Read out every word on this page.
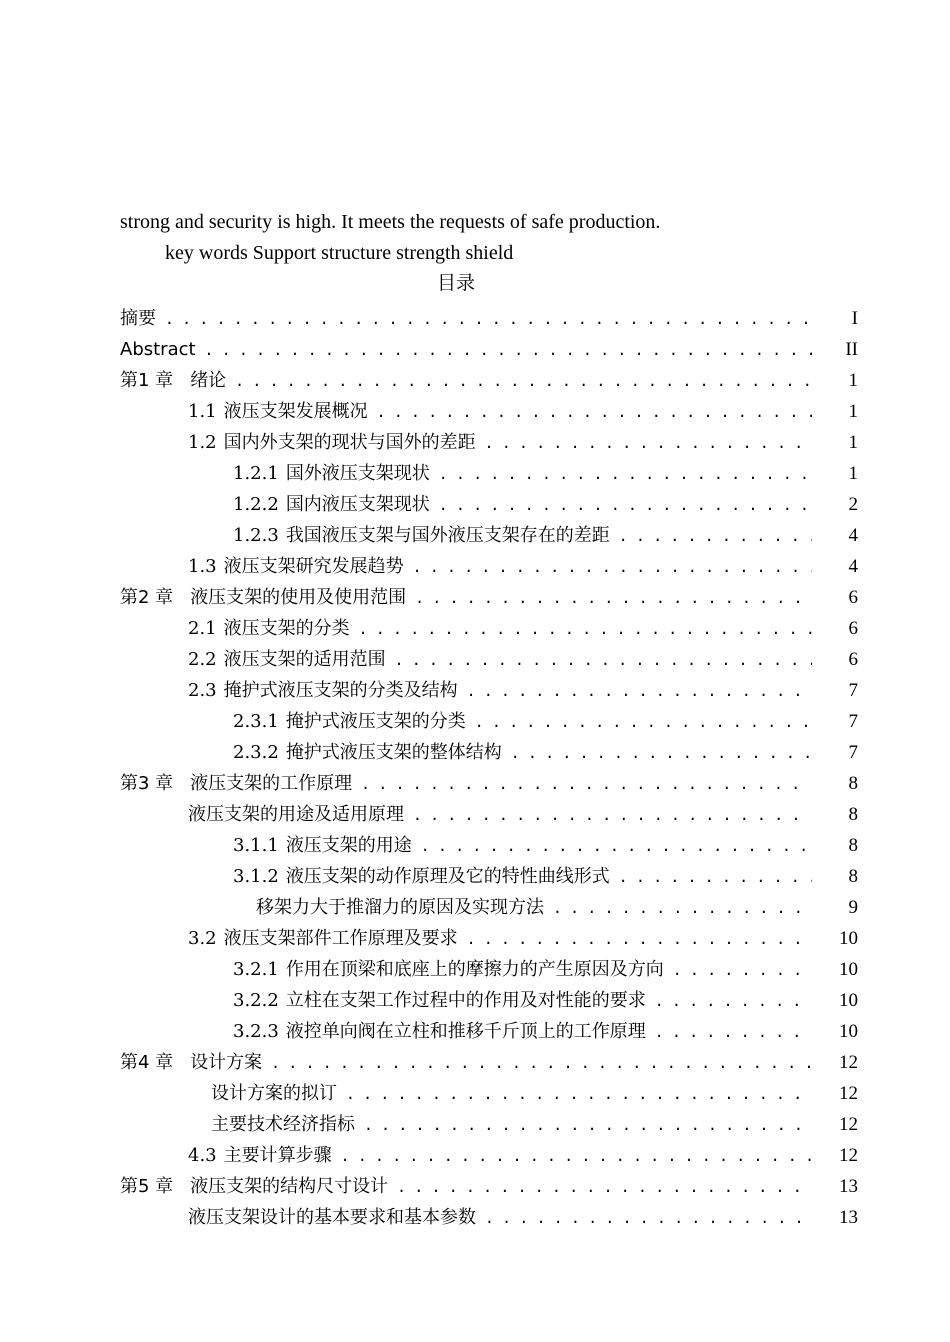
strong and security is high. It meets the requests of safe production.
key words Support structure strength shield
目录
摘要 . . .	I
Abstract . . .	II
第1 章 绪论 . . .	1
1.1 液压支架发展概况 . . .	1
1.2 国内外支架的现状与国外的差距 . . .	1
1.2.1 国外液压支架现状 . . .	1
1.2.2 国内液压支架现状 . . .	2
1.2.3 我国液压支架与国外液压支架存在的差距 . . .	4
1.3 液压支架研究发展趋势 . . .	4
第2 章 液压支架的使用及使用范围 . . .	6
2.1 液压支架的分类 . . .	6
2.2 液压支架的适用范围 . . .	6
2.3 掩护式液压支架的分类及结构 . . .	7
2.3.1 掩护式液压支架的分类 . . .	7
2.3.2 掩护式液压支架的整体结构 . . .	7
第3 章 液压支架的工作原理 . . .	8
液压支架的用途及适用原理 . . .	8
3.1.1 液压支架的用途 . . .	8
3.1.2 液压支架的动作原理及它的特性曲线形式 . . .	8
移架力大于推溜力的原因及实现方法 . . .	9
3.2 液压支架部件工作原理及要求 . . .	10
3.2.1 作用在顶梁和底座上的摩擦力的产生原因及方向 . . .	10
3.2.2 立柱在支架工作过程中的作用及对性能的要求 . . .	10
3.2.3 液控单向阀在立柱和推移千斤顶上的工作原理 . . .	10
第4 章 设计方案 . . .	12
设计方案的拟订 . . .	12
主要技术经济指标 . . .	12
4.3 主要计算步骤 . . .	12
第5 章 液压支架的结构尺寸设计 . . .	13
液压支架设计的基本要求和基本参数 . . .	13
